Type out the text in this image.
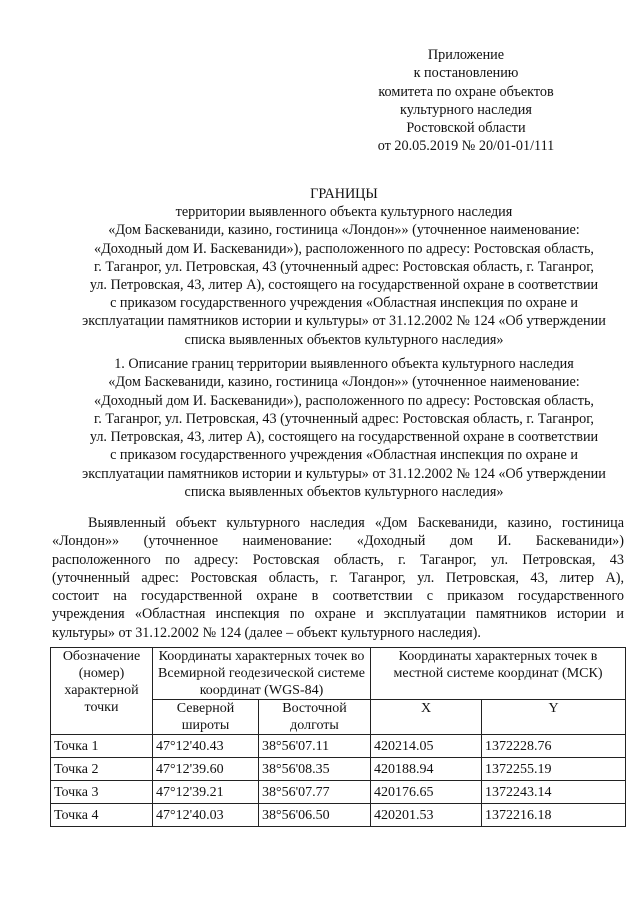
Приложение
к постановлению
комитета по охране объектов
культурного наследия
Ростовской области
от 20.05.2019 № 20/01-01/111
ГРАНИЦЫ
территории выявленного объекта культурного наследия
«Дом Баскеваниди, казино, гостиница «Лондон»» (уточненное наименование:
«Доходный дом И. Баскеваниди»), расположенного по адресу: Ростовская область,
г. Таганрог, ул. Петровская, 43 (уточненный адрес: Ростовская область, г. Таганрог,
ул. Петровская, 43, литер А), состоящего на государственной охране в соответствии
с приказом государственного учреждения «Областная инспекция по охране и
эксплуатации памятников истории и культуры» от 31.12.2002 № 124 «Об утверждении
списка выявленных объектов культурного наследия»
1. Описание границ территории выявленного объекта культурного наследия
«Дом Баскеваниди, казино, гостиница «Лондон»» (уточненное наименование:
«Доходный дом И. Баскеваниди»), расположенного по адресу: Ростовская область,
г. Таганрог, ул. Петровская, 43 (уточненный адрес: Ростовская область, г. Таганрог,
ул. Петровская, 43, литер А), состоящего на государственной охране в соответствии
с приказом государственного учреждения «Областная инспекция по охране и
эксплуатации памятников истории и культуры» от 31.12.2002 № 124 «Об утверждении
списка выявленных объектов культурного наследия»
Выявленный объект культурного наследия «Дом Баскеваниди, казино, гостиница
«Лондон»» (уточненное наименование: «Доходный дом И. Баскеваниди»)
расположенного по адресу: Ростовская область, г. Таганрог, ул. Петровская, 43
(уточненный адрес: Ростовская область, г. Таганрог, ул. Петровская, 43, литер А),
состоит на государственной охране в соответствии с приказом государственного
учреждения «Областная инспекция по охране и эксплуатации памятников истории и
культуры» от 31.12.2002 № 124 (далее – объект культурного наследия).
Обозначение (номер) характерной точки	Координаты характерных точек во Всемирной геодезической системе координат (WGS-84)		Координаты характерных точек в местной системе координат (МСК)	
	Северной широты	Восточной долготы	X	Y
Точка 1	47°12'40.43	38°56'07.11	420214.05	1372228.76
Точка 2	47°12'39.60	38°56'08.35	420188.94	1372255.19
Точка 3	47°12'39.21	38°56'07.77	420176.65	1372243.14
Точка 4	47°12'40.03	38°56'06.50	420201.53	1372216.18
